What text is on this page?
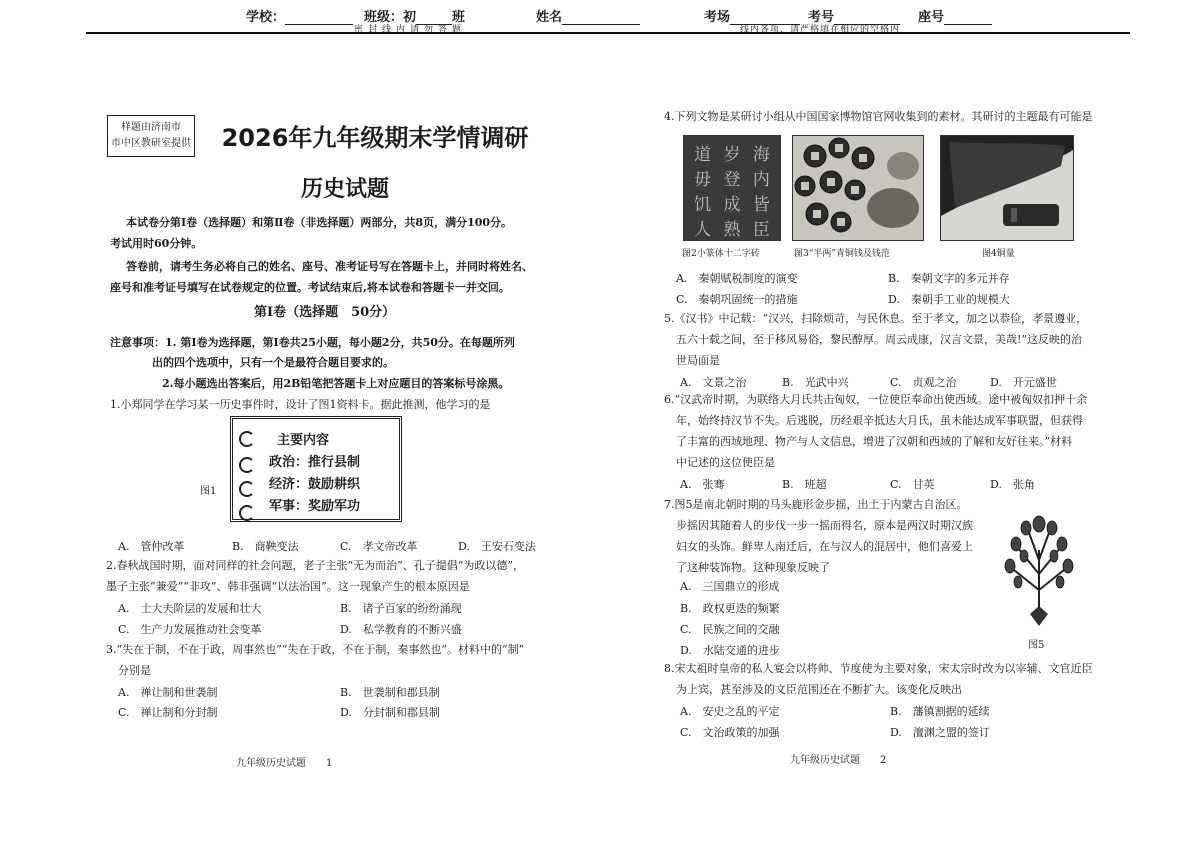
学校：	班级：初	班	姓名	考场	考号	座号
密封线内请勿答题	线内各项，请严格填在相应的空格内
样题由济南市
市中区教研室提供	2026年九年级期末学情调研
历史试题
本试卷分第Ⅰ卷（选择题）和第Ⅱ卷（非选择题）两部分，共8页，满分100分。
考试用时60分钟。
答卷前，请考生务必将自己的姓名、座号、准考证号写在答题卡上，并同时将姓名、
座号和准考证号填写在试卷规定的位置。考试结束后,将本试卷和答题卡一并交回。
第Ⅰ卷（选择题　50分）
注意事项：1. 第Ⅰ卷为选择题，第Ⅰ卷共25小题，每小题2分，共50分。在每题所列
出的四个选项中，只有一个是最符合题目要求的。
2.每小题选出答案后，用2B铅笔把答题卡上对应题目的答案标号涂黑。
1.小郑同学在学习某一历史事件时，设计了图1资料卡。据此推测，他学习的是
主要内容
政治：推行县制
经济：鼓励耕织
军事：奖励军功
图1
A.　管仲改革	B.　商鞅变法	C.　孝文帝改革	D.　王安石变法
2.春秋战国时期，面对同样的社会问题，老子主张“无为而治”、孔子提倡“为政以德”，
墨子主张“兼爱”“非攻”、韩非强调“以法治国”。这一现象产生的根本原因是
A.　士大夫阶层的发展和壮大	B.　诸子百家的纷纷涌现
C.　生产力发展推动社会变革	D.　私学教育的不断兴盛
3.“失在于制，不在于政，周事然也”“失在于政，不在于制，秦事然也”。材料中的“制”
分别是
A.　禅让制和世袭制	B.　世袭制和郡县制
C.　禅让制和分封制	D.　分封制和郡县制
九年级历史试题　　1
4.下列文物是某研讨小组从中国国家博物馆官网收集到的素材。其研讨的主题最有可能是
道 岁 海
毋 登 内
饥 成 皆
人 熟 臣
图2小篆体十二字砖	图3“半两”青铜钱及钱范	图4铜量
A.　秦朝赋税制度的演变	B.　秦朝文字的多元并存
C.　秦朝巩固统一的措施	D.　秦朝手工业的规模大
5.《汉书》中记载：“汉兴，扫除烦苛，与民休息。至于孝文，加之以恭俭，孝景遵业，
五六十载之间，至于移风易俗，黎民醇厚。周云成康，汉言文景，美哉!”这反映的治
世局面是
A.　文景之治	B.　光武中兴	C.　贞观之治	D.　开元盛世
6.“汉武帝时期，为联络大月氏共击匈奴，一位使臣奉命出使西域。途中被匈奴扣押十余
年，始终持汉节不失。后逃脱，历经艰辛抵达大月氏，虽未能达成军事联盟，但获得
了丰富的西域地理、物产与人文信息，增进了汉朝和西域的了解和友好往来。”材料
中记述的这位使臣是
A.　张骞	B.　班超	C.　甘英	D.　张角
7.图5是南北朝时期的马头鹿形金步摇，出土于内蒙古自治区。
步摇因其随着人的步伐一步一摇而得名，原本是两汉时期汉族
妇女的头饰。鲜卑人南迁后，在与汉人的混居中，他们喜爱上
了这种装饰物。这种现象反映了
A.　三国鼎立的形成
B.　政权更迭的频繁
C.　民族之间的交融
D.　水陆交通的进步	图5
8.宋太祖时皇帝的私人宴会以将帅、节度使为主要对象，宋太宗时改为以宰辅、文官近臣
为上宾，甚至涉及的文臣范围还在不断扩大。该变化反映出
A.　安史之乱的平定	B.　藩镇割据的延续
C.　文治政策的加强	D.　澶渊之盟的签订
九年级历史试题　　2
